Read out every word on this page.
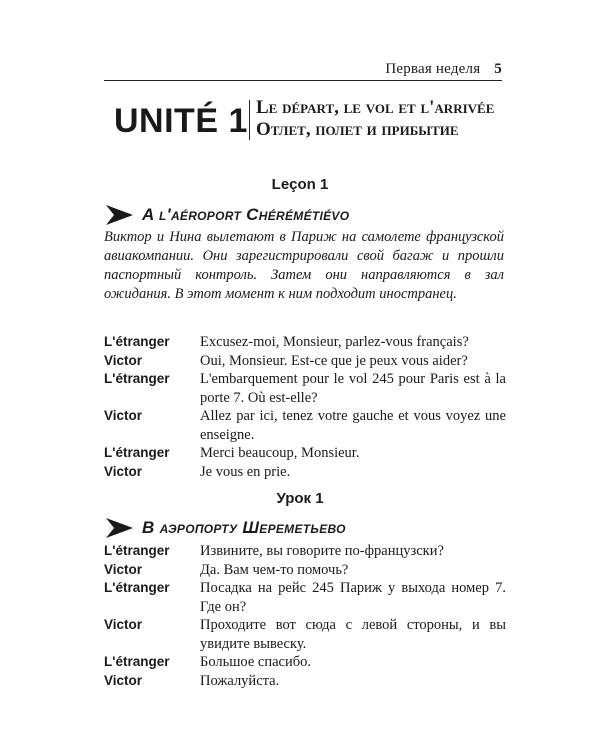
Первая неделя 5
UNITÉ 1 Le départ, le vol et l'arrivée
Отлет, полет и прибытие
Leçon 1
A l'aéroport Chérémétiévo

Виктор и Нина вылетают в Париж на самолете французской авиакомпании. Они зарегистрировали свой багаж и прошли паспортный контроль. Затем они направляются в зал ожидания. В этот момент к ним подходит иностранец.

L'étranger	Excusez-moi, Monsieur, parlez-vous français?
Victor	Oui, Monsieur. Est-ce que je peux vous aider?
L'étranger	L'embarquement pour le vol 245 pour Paris est à la porte 7. Où est-elle?
Victor	Allez par ici, tenez votre gauche et vous voyez une enseigne.
L'étranger	Merci beaucoup, Monsieur.
Victor	Je vous en prie.
Урок 1
В аэропорту Шереметьево
L'étranger	Извините, вы говорите по-французски?
Victor	Да. Вам чем-то помочь?
L'étranger	Посадка на рейс 245 Париж у выхода номер 7. Где он?
Victor	Проходите вот сюда с левой стороны, и вы увидите вывеску.
L'étranger	Большое спасибо.
Victor	Пожалуйста.
